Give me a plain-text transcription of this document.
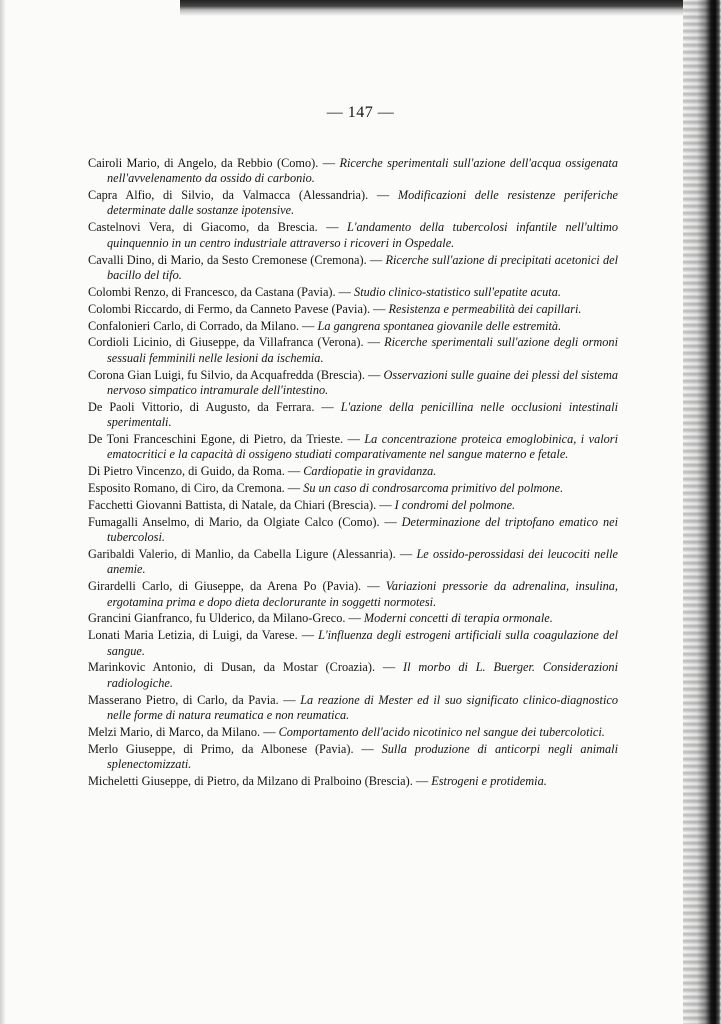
— 147 —

Cairoli Mario, di Angelo, da Rebbio (Como). — Ricerche sperimentali sull'azione dell'acqua ossigenata nell'avvelenamento da ossido di carbonio.

Capra Alfio, di Silvio, da Valmacca (Alessandria). — Modificazioni delle resistenze periferiche determinate dalle sostanze ipotensive.

Castelnovi Vera, di Giacomo, da Brescia. — L'andamento della tubercolosi infantile nell'ultimo quinquennio in un centro industriale attraverso i ricoveri in Ospedale.

Cavalli Dino, di Mario, da Sesto Cremonese (Cremona). — Ricerche sull'azione di precipitati acetonici del bacillo del tifo.

Colombi Renzo, di Francesco, da Castana (Pavia). — Studio clinico-statistico sull'epatite acuta.

Colombi Riccardo, di Fermo, da Canneto Pavese (Pavia). — Resistenza e permeabilità dei capillari.

Confalonieri Carlo, di Corrado, da Milano. — La gangrena spontanea giovanile delle estremità.

Cordioli Licinio, di Giuseppe, da Villafranca (Verona). — Ricerche sperimentali sull'azione degli ormoni sessuali femminili nelle lesioni da ischemia.

Corona Gian Luigi, fu Silvio, da Acquafredda (Brescia). — Osservazioni sulle guaine dei plessi del sistema nervoso simpatico intramurale dell'intestino.

De Paoli Vittorio, di Augusto, da Ferrara. — L'azione della penicillina nelle occlusioni intestinali sperimentali.

De Toni Franceschini Egone, di Pietro, da Trieste. — La concentrazione proteica emoglobinica, i valori ematocritici e la capacità di ossigeno studiati comparativamente nel sangue materno e fetale.

Di Pietro Vincenzo, di Guido, da Roma. — Cardiopatie in gravidanza.

Esposito Romano, di Ciro, da Cremona. — Su un caso di condrosarcoma primitivo del polmone.

Facchetti Giovanni Battista, di Natale, da Chiari (Brescia). — I condromi del polmone.

Fumagalli Anselmo, di Mario, da Olgiate Calco (Como). — Determinazione del triptofano ematico nei tubercolosi.

Garibaldi Valerio, di Manlio, da Cabella Ligure (Alessanria). — Le ossido-perossidasi dei leucociti nelle anemie.

Girardelli Carlo, di Giuseppe, da Arena Po (Pavia). — Variazioni pressorie da adrenalina, insulina, ergotamina prima e dopo dieta declorurante in soggetti normotesi.

Grancini Gianfranco, fu Ulderico, da Milano-Greco. — Moderni concetti di terapia ormonale.

Lonati Maria Letizia, di Luigi, da Varese. — L'influenza degli estrogeni artificiali sulla coagulazione del sangue.

Marinkovic Antonio, di Dusan, da Mostar (Croazia). — Il morbo di L. Buerger. Considerazioni radiologiche.

Masserano Pietro, di Carlo, da Pavia. — La reazione di Mester ed il suo significato clinico-diagnostico nelle forme di natura reumatica e non reumatica.

Melzi Mario, di Marco, da Milano. — Comportamento dell'acido nicotinico nel sangue dei tubercolotici.

Merlo Giuseppe, di Primo, da Albonese (Pavia). — Sulla produzione di anticorpi negli animali splenectomizzati.

Micheletti Giuseppe, di Pietro, da Milzano di Pralboino (Brescia). — Estrogeni e protidemia.
